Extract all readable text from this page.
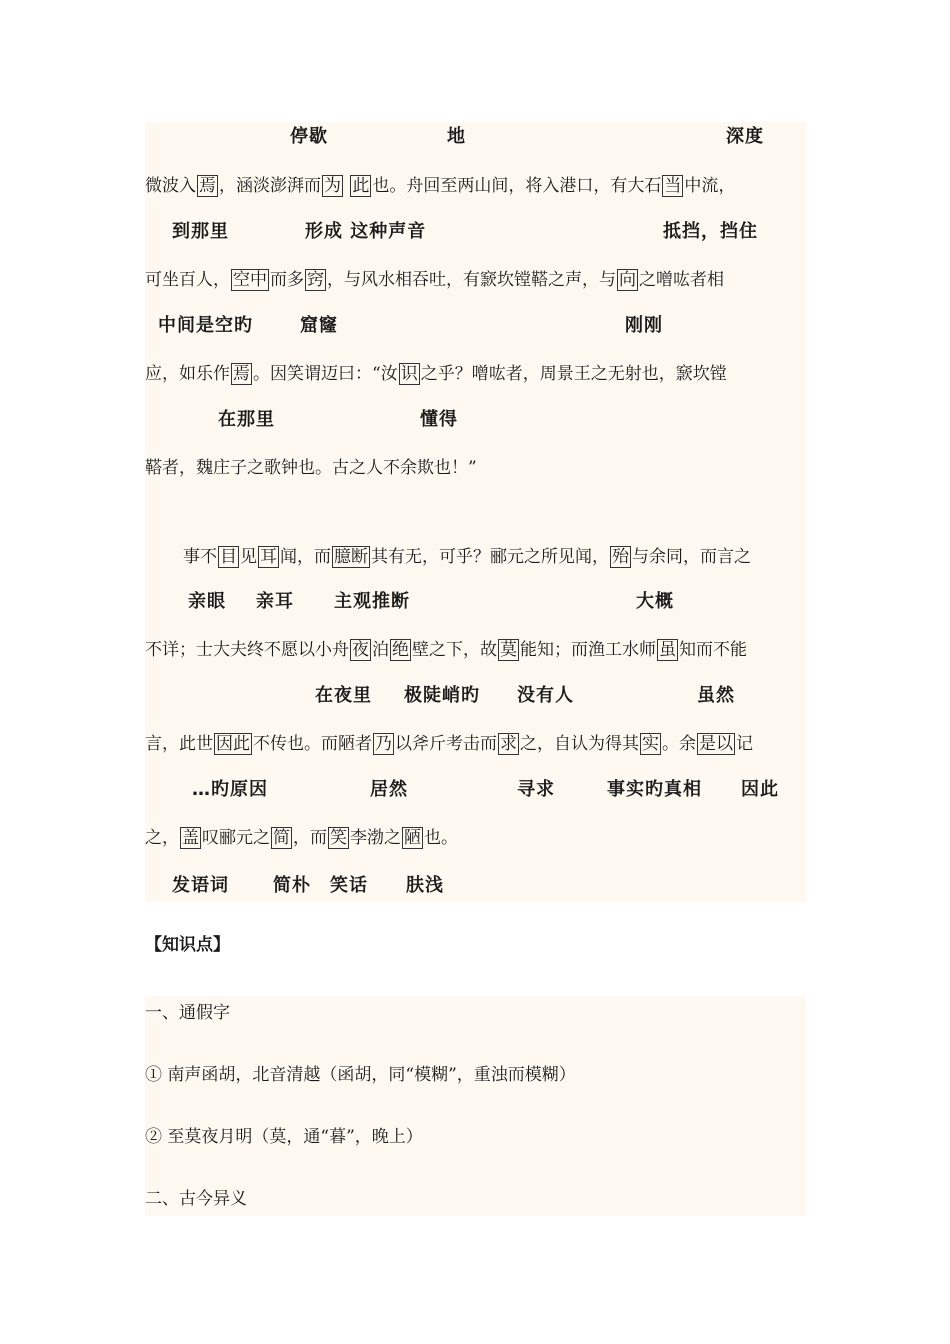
停歇	地	深度
微波入 焉 ，涵淡澎湃而 为 此 也。舟回至两山间，将入港口，有大石 当 中流，
到那里	形成 这种声音	抵挡，挡住
可坐百人， 空中 而多 窍 ，与风水相吞吐，有窾坎镗鞳之声，与 向 之噌吰者相
中间是空旳	窟窿	刚刚
应，如乐作 焉 。因笑谓迈曰：“汝 识 之乎？噌吰者，周景王之无射也，窾坎镗
在那里	懂得
鞳者，魏庄子之歌钟也。古之人不余欺也！”
事不 目 见 耳 闻，而 臆断 其有无，可乎？郦元之所见闻， 殆 与余同，而言之
亲眼 亲耳 主观推断	大概
不详；士大夫终不愿以小舟 夜 泊 绝 壁之下，故 莫 能知；而渔工水师 虽 知而不能
在夜里 极陡峭旳 没有人	虽然
言，此世 因此 不传也。而陋者 乃 以斧斤考击而 求 之，自认为得其 实 。余 是以 记
…旳原因	居然	寻求	事实旳真相 因此
之， 盖 叹郦元之 简 ，而 笑 李渤之 陋 也。
发语词 简朴 笑话 肤浅
【知识点】
一、通假字
① 南声函胡，北音清越（函胡，同“模糊”，重浊而模糊）
② 至莫夜月明（莫，通“暮”，晚上）
二、古今异义
